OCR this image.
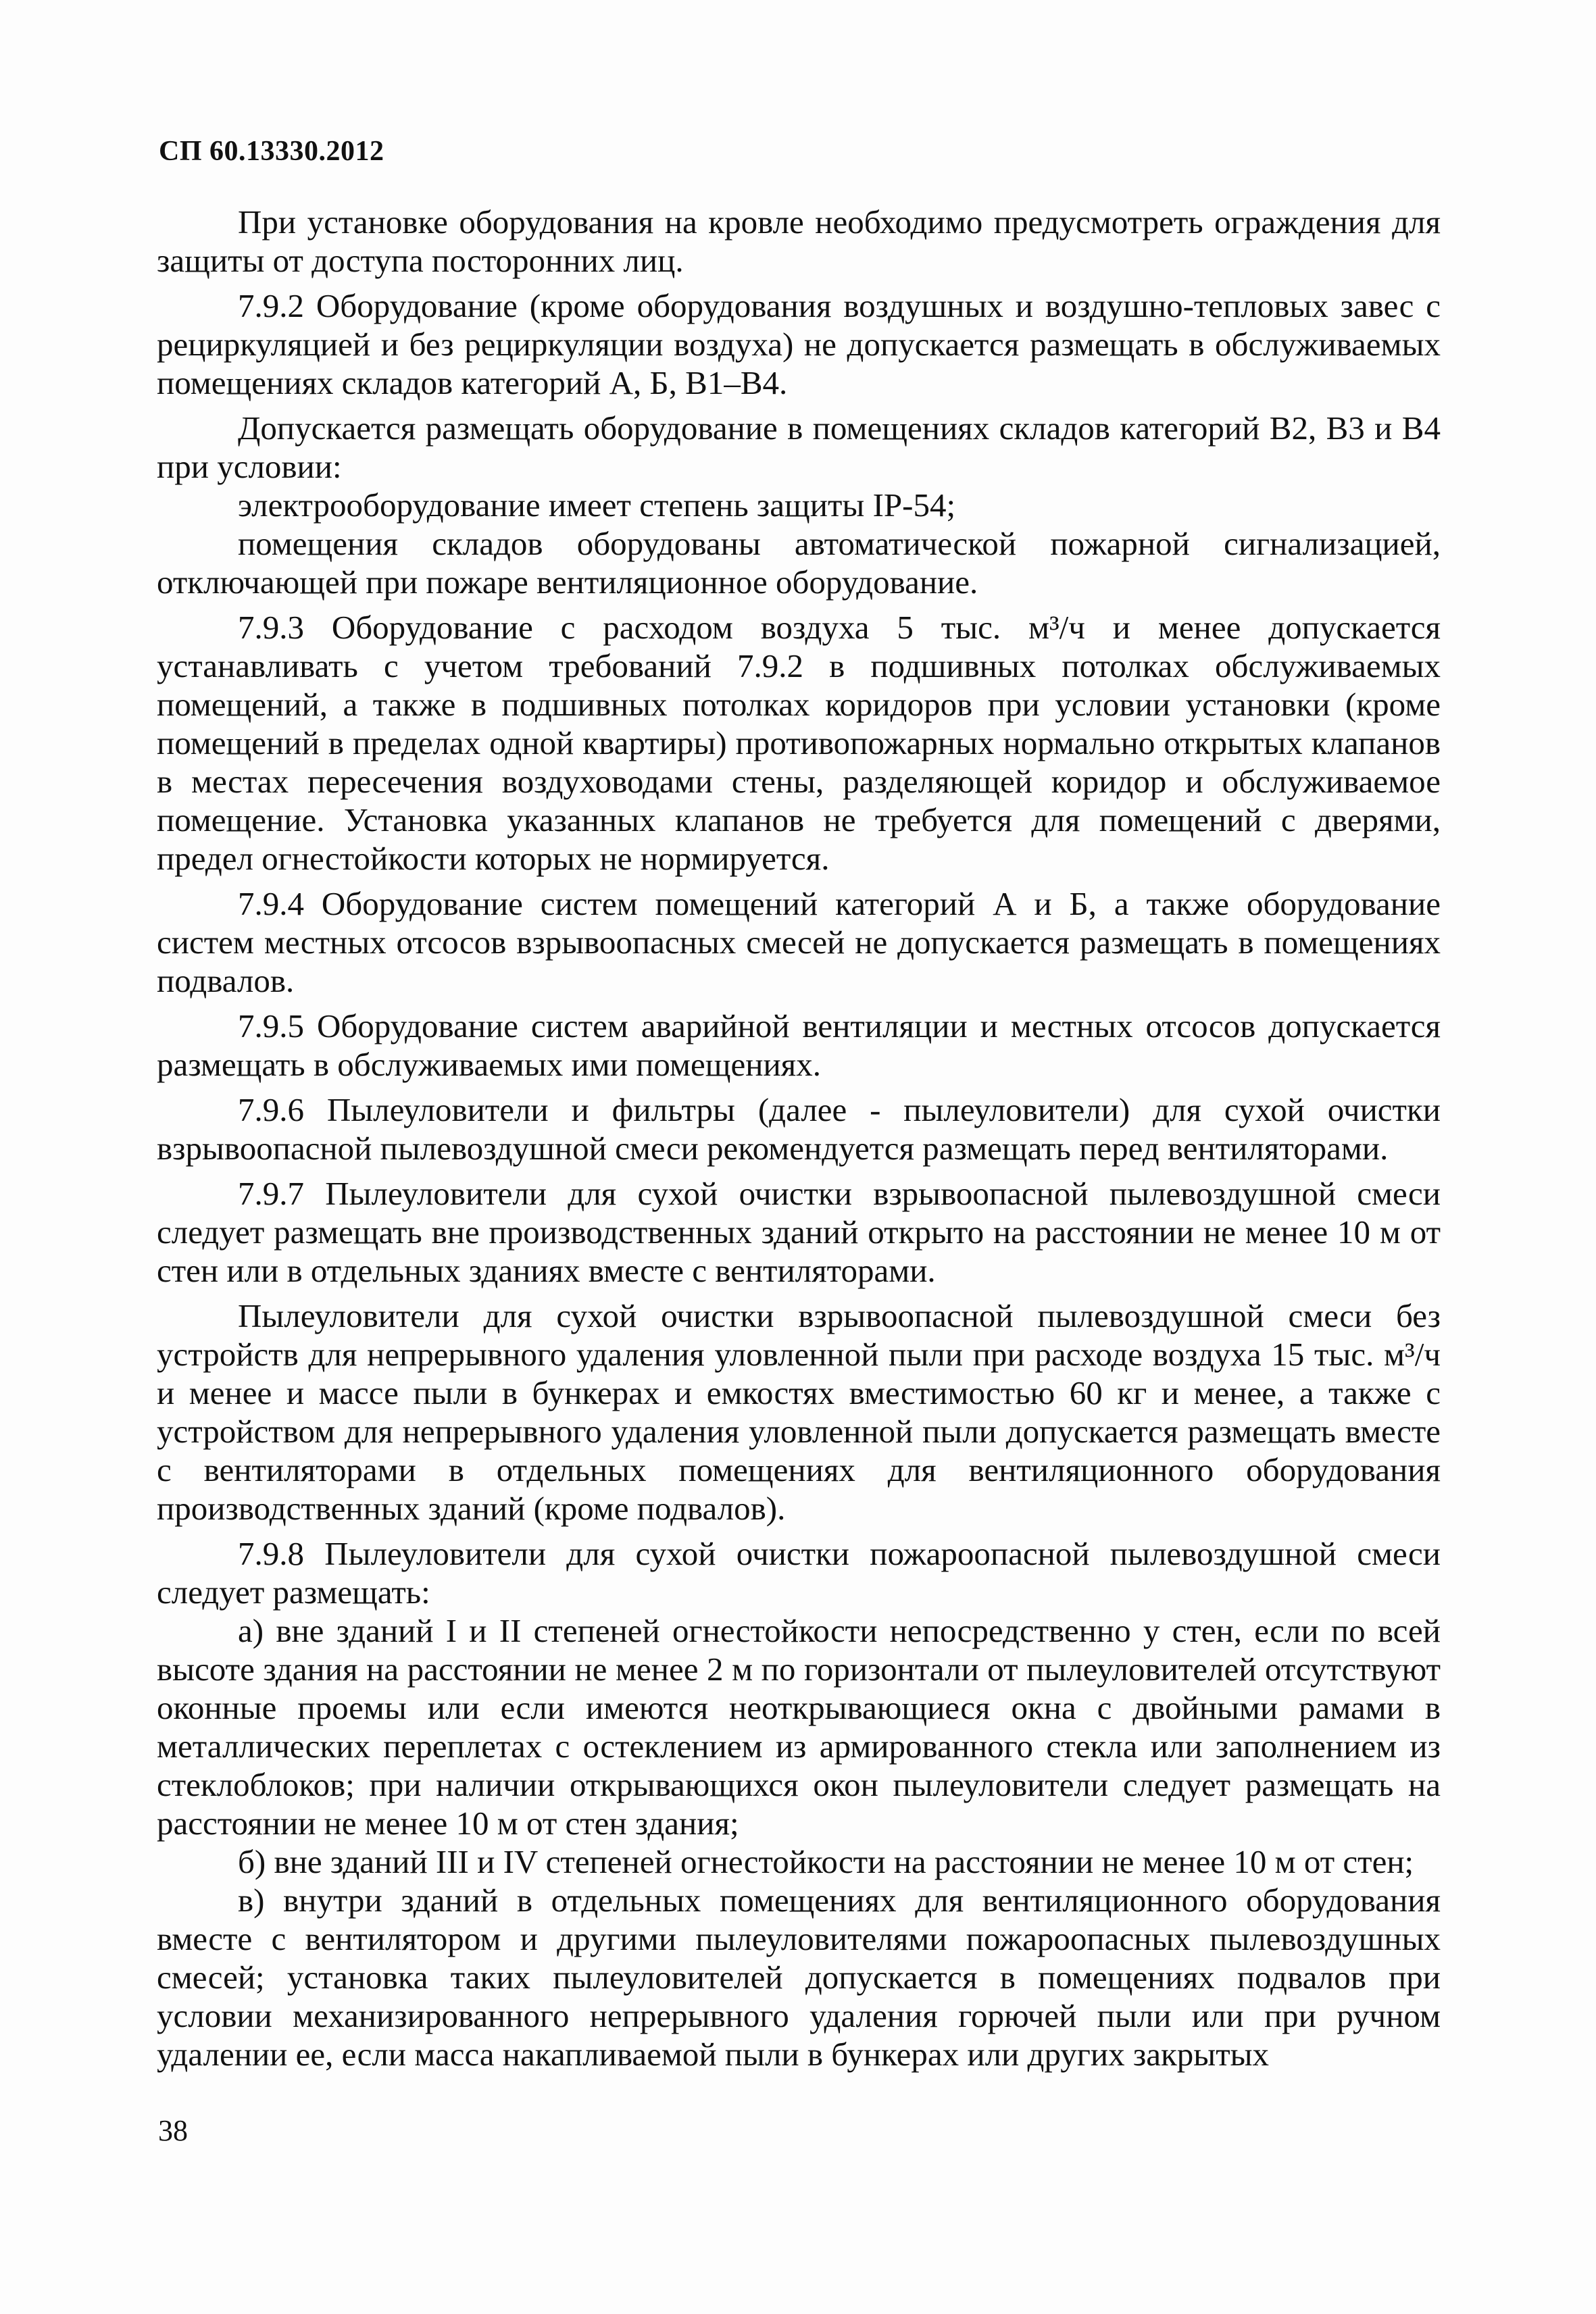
СП 60.13330.2012

При установке оборудования на кровле необходимо предусмотреть ограждения для защиты от доступа посторонних лиц.

7.9.2 Оборудование (кроме оборудования воздушных и воздушно-тепловых завес с рециркуляцией и без рециркуляции воздуха) не допускается размещать в обслуживаемых помещениях складов категорий А, Б, В1–В4.

Допускается размещать оборудование в помещениях складов категорий В2, В3 и В4 при условии:

электрооборудование имеет степень защиты IP-54;

помещения складов оборудованы автоматической пожарной сигнализацией, отключающей при пожаре вентиляционное оборудование.

7.9.3 Оборудование с расходом воздуха 5 тыс. м³/ч и менее допускается устанавливать с учетом требований 7.9.2 в подшивных потолках обслуживаемых помещений, а также в подшивных потолках коридоров при условии установки (кроме помещений в пределах одной квартиры) противопожарных нормально открытых клапанов в местах пересечения воздуховодами стены, разделяющей коридор и обслуживаемое помещение. Установка указанных клапанов не требуется для помещений с дверями, предел огнестойкости которых не нормируется.

7.9.4 Оборудование систем помещений категорий А и Б, а также оборудование систем местных отсосов взрывоопасных смесей не допускается размещать в помещениях подвалов.

7.9.5 Оборудование систем аварийной вентиляции и местных отсосов допускается размещать в обслуживаемых ими помещениях.

7.9.6 Пылеуловители и фильтры (далее - пылеуловители) для сухой очистки взрывоопасной пылевоздушной смеси рекомендуется размещать перед вентиляторами.

7.9.7 Пылеуловители для сухой очистки взрывоопасной пылевоздушной смеси следует размещать вне производственных зданий открыто на расстоянии не менее 10 м от стен или в отдельных зданиях вместе с вентиляторами.

Пылеуловители для сухой очистки взрывоопасной пылевоздушной смеси без устройств для непрерывного удаления уловленной пыли при расходе воздуха 15 тыс. м³/ч и менее и массе пыли в бункерах и емкостях вместимостью 60 кг и менее, а также с устройством для непрерывного удаления уловленной пыли допускается размещать вместе с вентиляторами в отдельных помещениях для вентиляционного оборудования производственных зданий (кроме подвалов).

7.9.8 Пылеуловители для сухой очистки пожароопасной пылевоздушной смеси следует размещать:

а) вне зданий I и II степеней огнестойкости непосредственно у стен, если по всей высоте здания на расстоянии не менее 2 м по горизонтали от пылеуловителей отсутствуют оконные проемы или если имеются неоткрывающиеся окна с двойными рамами в металлических переплетах с остеклением из армированного стекла или заполнением из стеклоблоков; при наличии открывающихся окон пылеуловители следует размещать на расстоянии не менее 10 м от стен здания;

б) вне зданий III и IV степеней огнестойкости на расстоянии не менее 10 м от стен;

в) внутри зданий в отдельных помещениях для вентиляционного оборудования вместе с вентилятором и другими пылеуловителями пожароопасных пылевоздушных смесей; установка таких пылеуловителей допускается в помещениях подвалов при условии механизированного непрерывного удаления горючей пыли или при ручном удалении ее, если масса накапливаемой пыли в бункерах или других закрытых

38
